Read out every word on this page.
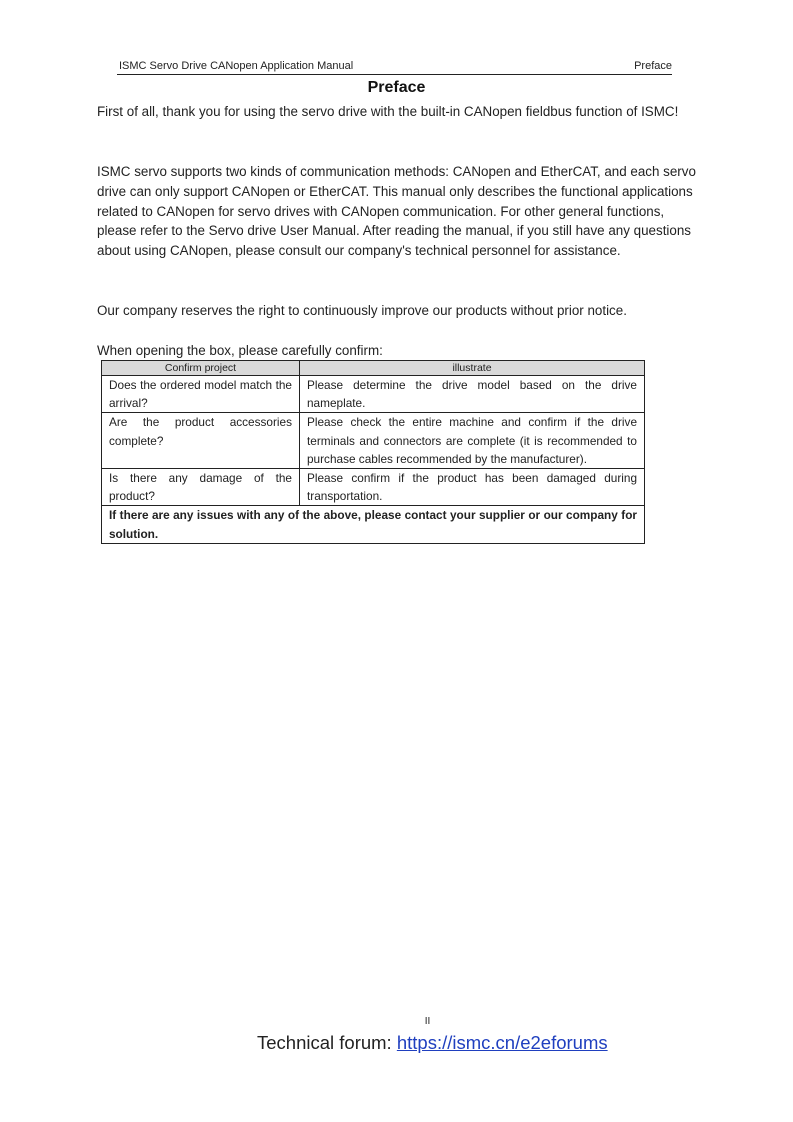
ISMC Servo Drive CANopen Application Manual	Preface
Preface
First of all, thank you for using the servo drive with the built-in CANopen fieldbus function of ISMC!
ISMC servo supports two kinds of communication methods: CANopen and EtherCAT, and each servo drive can only support CANopen or EtherCAT. This manual only describes the functional applications related to CANopen for servo drives with CANopen communication. For other general functions, please refer to the Servo drive User Manual. After reading the manual, if you still have any questions about using CANopen, please consult our company's technical personnel for assistance.
Our company reserves the right to continuously improve our products without prior notice.
When opening the box, please carefully confirm:
Confirm project	illustrate
Does the ordered model match the arrival?	Please determine the drive model based on the drive nameplate.
Are the product accessories complete?	Please check the entire machine and confirm if the drive terminals and connectors are complete (it is recommended to purchase cables recommended by the manufacturer).
Is there any damage of the product?	Please confirm if the product has been damaged during transportation.
If there are any issues with any of the above, please contact your supplier or our company for solution.	
II
Technical forum: https://ismc.cn/e2eforums
